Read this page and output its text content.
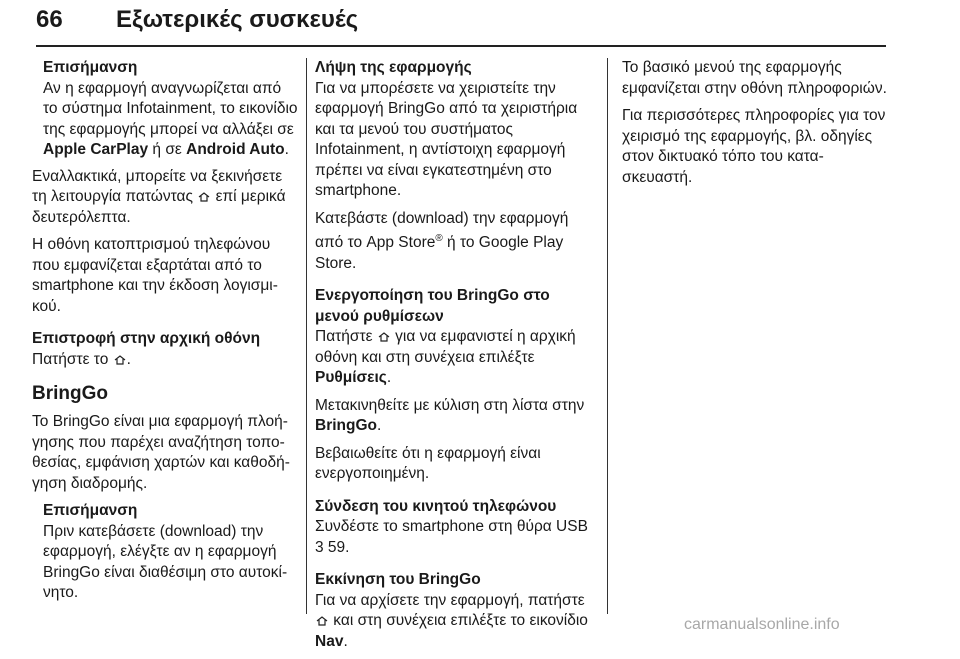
66 Εξωτερικές συσκευές
Επισήμανση
Αν η εφαρμογή αναγνωρίζεται από το σύστημα Infotainment, το εικονίδιο της εφαρμογής μπορεί να αλλάξει σε Apple CarPlay ή σε Android Auto.

Εναλλακτικά, μπορείτε να ξεκινήσετε τη λειτουργία πατώντας  επί μερικά δευτερόλεπτα.

Η οθόνη κατοπτρισμού τηλεφώνου που εμφανίζεται εξαρτάται από το smartphone και την έκδοση λογισμικού.

Επιστροφή στην αρχική οθόνη

Πατήστε το .

BringGo

Το BringGo είναι μια εφαρμογή πλοήγησης που παρέχει αναζήτηση τοποθεσίας, εμφάνιση χαρτών και καθοδήγηση διαδρομής.

Επισήμανση
Πριν κατεβάσετε (download) την εφαρμογή, ελέγξτε αν η εφαρμογή BringGo είναι διαθέσιμη στο αυτοκίνητο.
Λήψη της εφαρμογής

Για να μπορέσετε να χειριστείτε την εφαρμογή BringGo από τα χειριστήρια και τα μενού του συστήματος Infotainment, η αντίστοιχη εφαρμογή πρέπει να είναι εγκατεστημένη στο smartphone.

Κατεβάστε (download) την εφαρμογή από το App Store® ή το Google Play Store.

Ενεργοποίηση του BringGo στο μενού ρυθμίσεων

Πατήστε  για να εμφανιστεί η αρχική οθόνη και στη συνέχεια επιλέξτε Ρυθμίσεις.

Μετακινηθείτε με κύλιση στη λίστα στην BringGo.

Βεβαιωθείτε ότι η εφαρμογή είναι ενεργοποιημένη.

Σύνδεση του κινητού τηλεφώνου

Συνδέστε το smartphone στη θύρα USB 3 59.

Εκκίνηση του BringGo

Για να αρχίσετε την εφαρμογή, πατήστε  και στη συνέχεια επιλέξτε το εικονίδιο Nav.

Το βασικό μενού της εφαρμογής εμφανίζεται στην οθόνη πληροφοριών.

Για περισσότερες πληροφορίες για τον χειρισμό της εφαρμογής, βλ. οδηγίες στον δικτυακό τόπο του κατασκευαστή.

carmanualsonline.info
